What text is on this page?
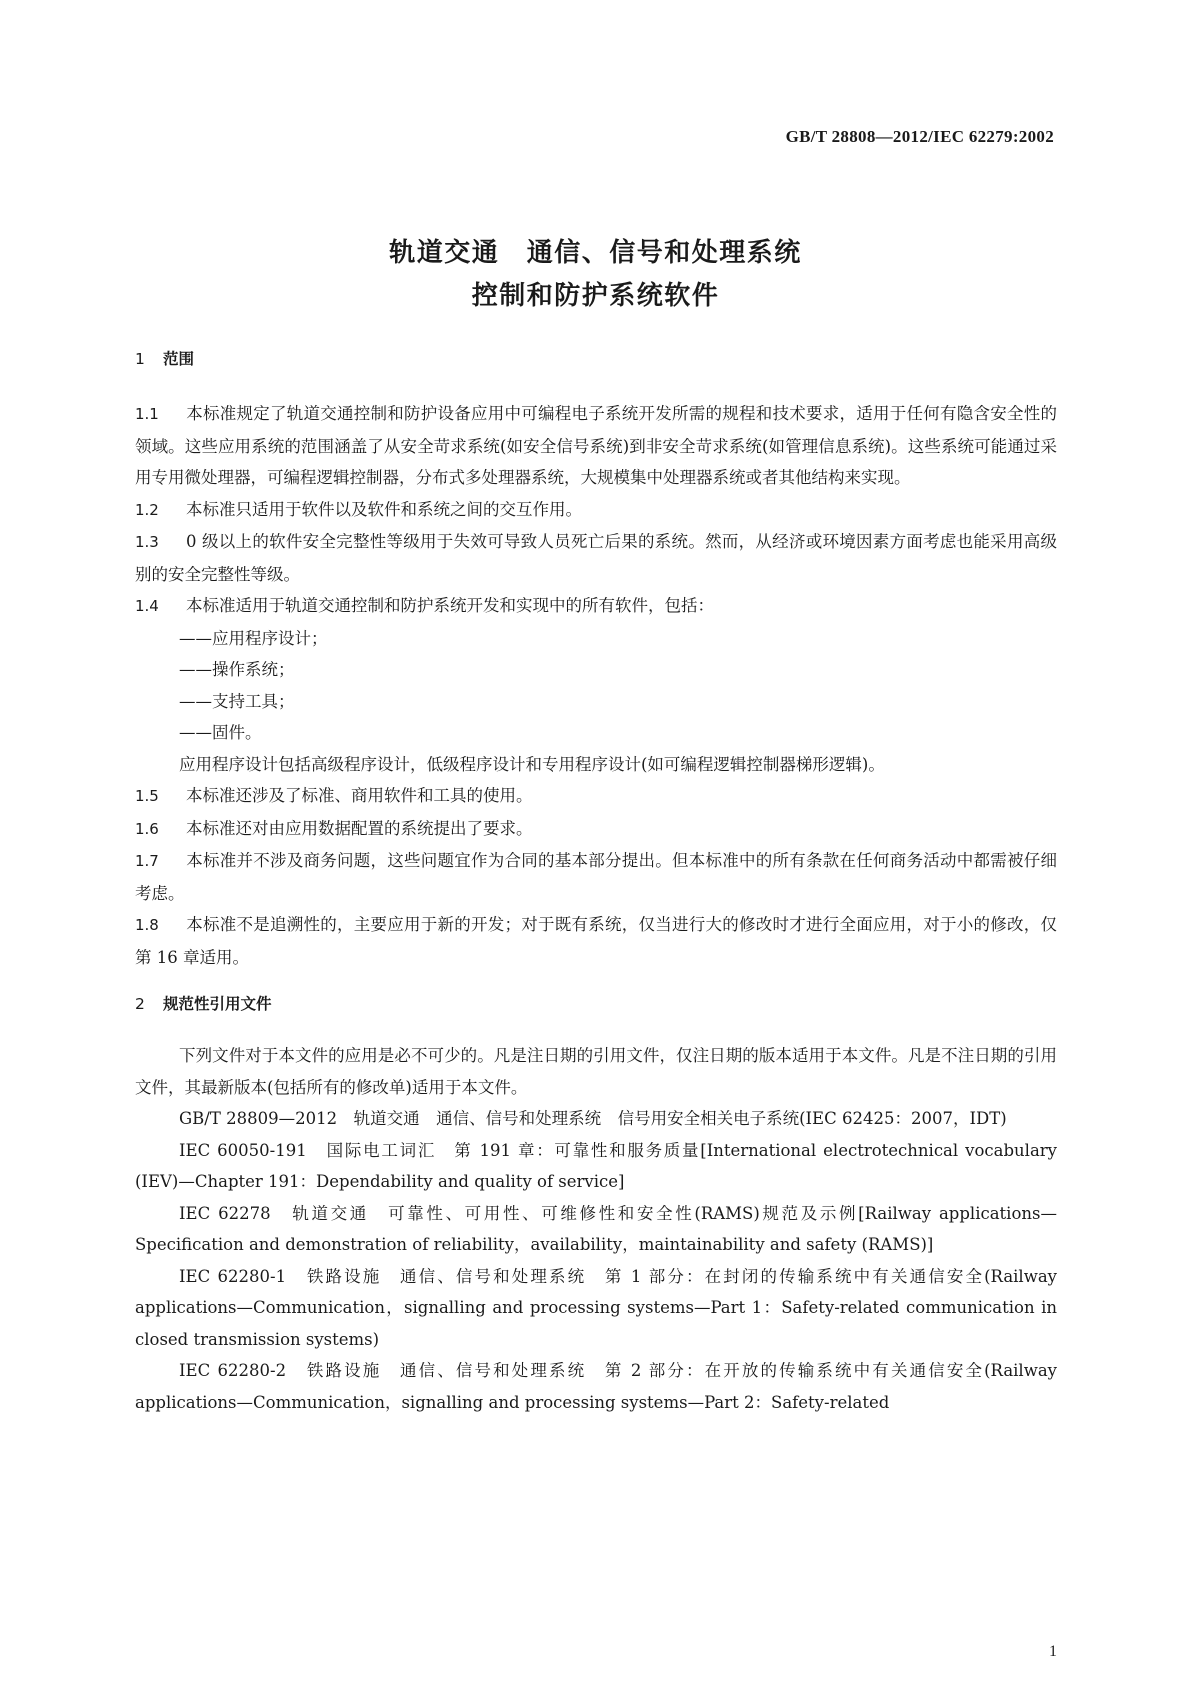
GB/T 28808—2012/IEC 62279:2002
轨道交通　通信、信号和处理系统
控制和防护系统软件
1 范围

1.1 本标准规定了轨道交通控制和防护设备应用中可编程电子系统开发所需的规程和技术要求，适用于任何有隐含安全性的领域。这些应用系统的范围涵盖了从安全苛求系统(如安全信号系统)到非安全苛求系统(如管理信息系统)。这些系统可能通过采用专用微处理器，可编程逻辑控制器，分布式多处理器系统，大规模集中处理器系统或者其他结构来实现。

1.2 本标准只适用于软件以及软件和系统之间的交互作用。

1.3 0 级以上的软件安全完整性等级用于失效可导致人员死亡后果的系统。然而，从经济或环境因素方面考虑也能采用高级别的安全完整性等级。

1.4 本标准适用于轨道交通控制和防护系统开发和实现中的所有软件，包括：

——应用程序设计；
——操作系统；
——支持工具；
——固件。

应用程序设计包括高级程序设计，低级程序设计和专用程序设计(如可编程逻辑控制器梯形逻辑)。

1.5 本标准还涉及了标准、商用软件和工具的使用。

1.6 本标准还对由应用数据配置的系统提出了要求。

1.7 本标准并不涉及商务问题，这些问题宜作为合同的基本部分提出。但本标准中的所有条款在任何商务活动中都需被仔细考虑。

1.8 本标准不是追溯性的，主要应用于新的开发；对于既有系统，仅当进行大的修改时才进行全面应用，对于小的修改，仅第 16 章适用。

2 规范性引用文件

下列文件对于本文件的应用是必不可少的。凡是注日期的引用文件，仅注日期的版本适用于本文件。凡是不注日期的引用文件，其最新版本(包括所有的修改单)适用于本文件。

GB/T 28809—2012　轨道交通　通信、信号和处理系统　信号用安全相关电子系统(IEC 62425：2007，IDT)

IEC 60050-191　国际电工词汇　第 191 章：可靠性和服务质量[International electrotechnical vocabulary (IEV)—Chapter 191：Dependability and quality of service]

IEC 62278　轨道交通　可靠性、可用性、可维修性和安全性(RAMS)规范及示例[Railway applications—Specification and demonstration of reliability，availability，maintainability and safety (RAMS)]

IEC 62280-1　铁路设施　通信、信号和处理系统　第 1 部分：在封闭的传输系统中有关通信安全(Railway applications—Communication，signalling and processing systems—Part 1：Safety-related communication in closed transmission systems)

IEC 62280-2　铁路设施　通信、信号和处理系统　第 2 部分：在开放的传输系统中有关通信安全(Railway applications—Communication，signalling and processing systems—Part 2：Safety-related

1
